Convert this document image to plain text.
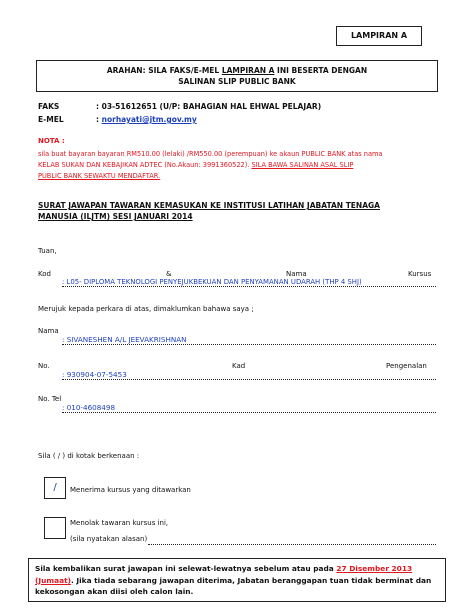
LAMPIRAN A
ARAHAN: SILA FAKS/E-MEL LAMPIRAN A INI BESERTA DENGAN
SALINAN SLIP PUBLIC BANK
FAKS	: 03-51612651 (U/P: BAHAGIAN HAL EHWAL PELAJAR)
E-MEL	: norhayati@jtm.gov.my
NOTA :
sila buat bayaran bayaran RM510.00 (lelaki) /RM550.00 (perempuan) ke akaun PUBLIC BANK atas nama
KELAB SUKAN DAN KEBAJIKAN ADTEC (No.Akaun: 3991360522). SILA BAWA SALINAN ASAL SLIP
PUBLIC BANK SEWAKTU MENDAFTAR.
SURAT JAWAPAN TAWARAN KEMASUKAN KE INSTITUSI LATIHAN JABATAN TENAGA
MANUSIA (ILJTM) SESI JANUARI 2014
Tuan,
Kod	&	Nama	Kursus
: L05- DIPLOMA TEKNOLOGI PENYEJUKBEKUAN DAN PENYAMANAN UDARAH (THP 4 SHJ)
Merujuk kepada perkara di atas, dimaklumkan bahawa saya ;
Nama
: SIVANESHEN A/L JEEVAKRISHNAN
No.	Kad	Pengenalan
: 930904-07-5453
No. Tel
: 010-4608498
Sila ( / ) di kotak berkenaan :
/	Menerima kursus yang ditawarkan
Menolak tawaran kursus ini,
(sila nyatakan alasan)
Sila kembalikan surat jawapan ini selewat-lewatnya sebelum atau pada 27 Disember 2013
(Jumaat). Jika tiada sebarang jawapan diterima, Jabatan beranggapan tuan tidak berminat dan kekosongan akan diisi oleh calon lain.
